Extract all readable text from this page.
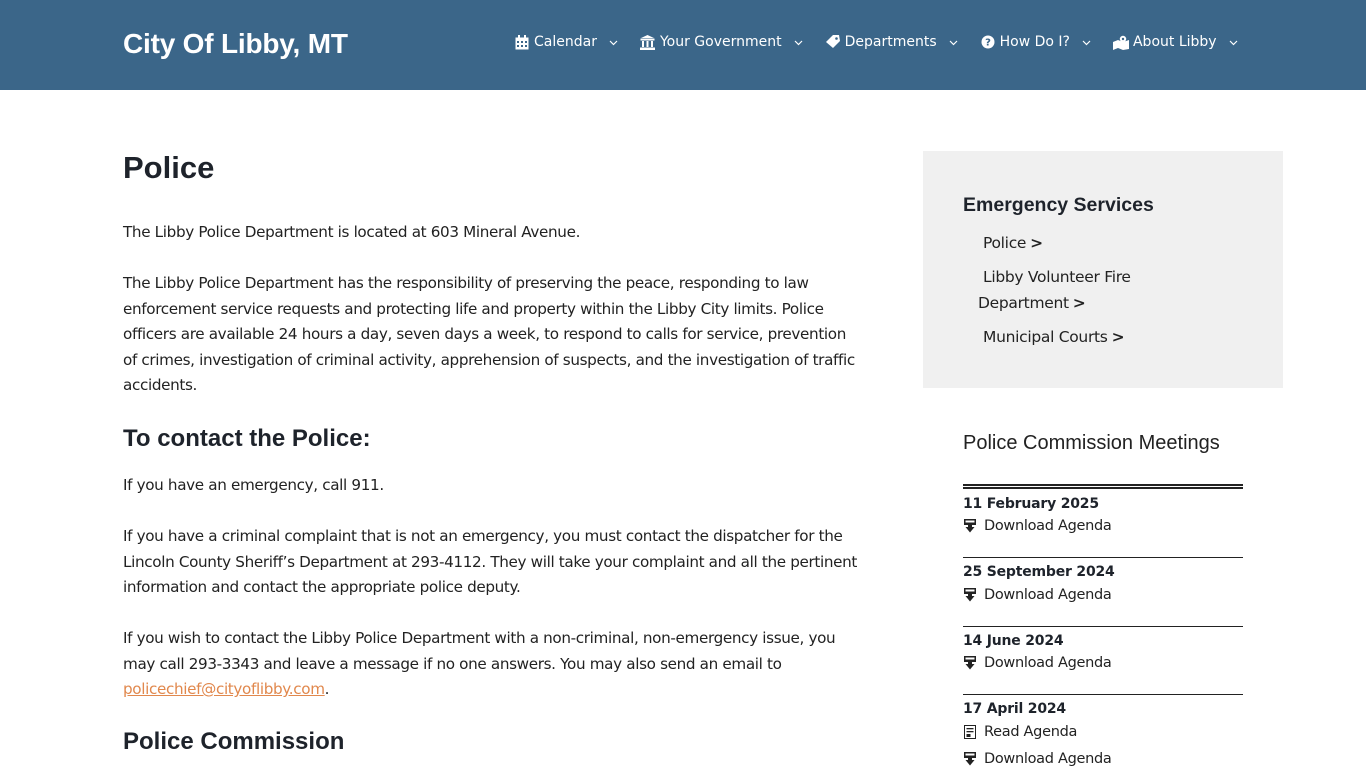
City Of Libby, MT	Calendar	Your Government	Departments	? How Do I?	About Libby
Police

The Libby Police Department is located at 603 Mineral Avenue.

The Libby Police Department has the responsibility of preserving the peace, responding to law enforcement service requests and protecting life and property within the Libby City limits. Police officers are available 24 hours a day, seven days a week, to respond to calls for service, prevention of crimes, investigation of criminal activity, apprehension of suspects, and the investigation of traffic accidents.

To contact the Police:

If you have an emergency, call 911.

If you have a criminal complaint that is not an emergency, you must contact the dispatcher for the Lincoln County Sheriff’s Department at 293-4112. They will take your complaint and all the pertinent information and contact the appropriate police deputy.

If you wish to contact the Libby Police Department with a non-criminal, non-emergency issue, you may call 293-3343 and leave a message if no one answers. You may also send an email to policechief@cityoflibby.com.

Police Commission
Emergency Services
Police >
Libby Volunteer Fire
Department >
Municipal Courts >
Police Commission Meetings
11 February 2025
Download Agenda
25 September 2024
Download Agenda
14 June 2024
Download Agenda
17 April 2024
Read Agenda
Download Agenda
